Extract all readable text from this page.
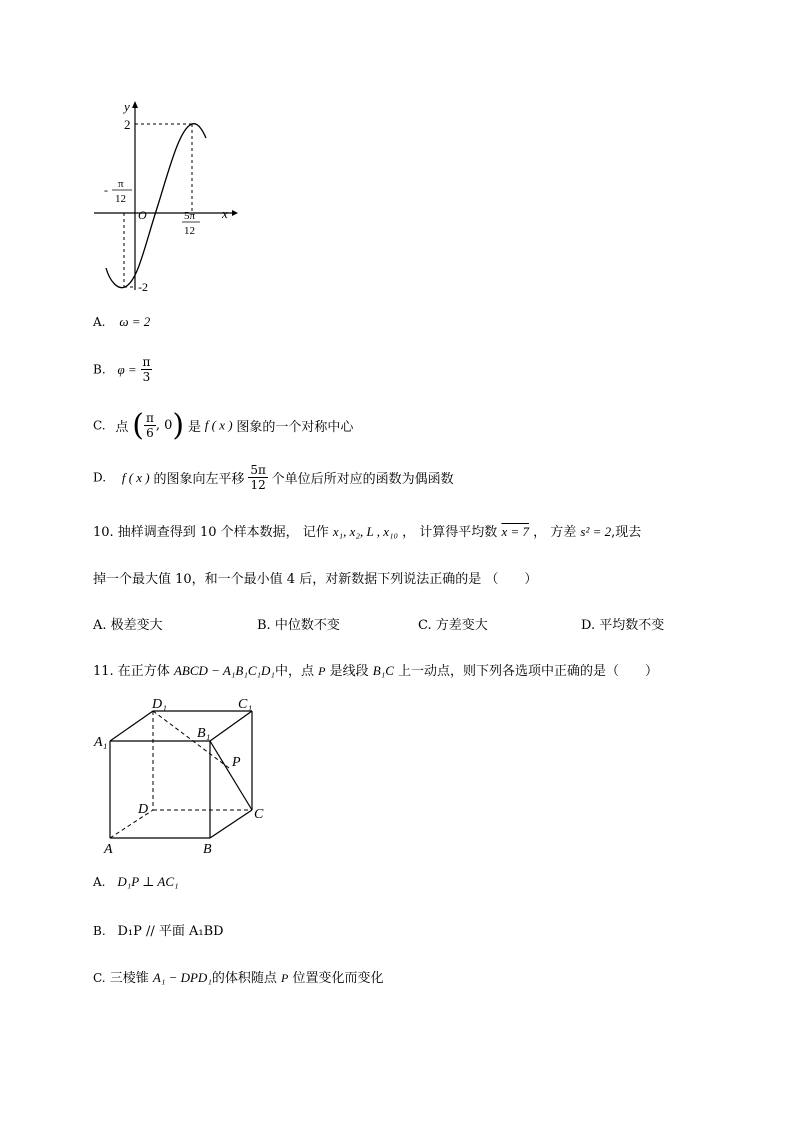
y
x
O
2
-2
- π
12
5π
12
A. ω = 2
B. $\varphi = \frac{\pi}{3}$
C. 点 ( $\frac{\pi}{6}$ , 0) 是 f ( x ) 图象的一个对称中心
D. f ( x ) 的图象向左平移 $\frac{5\pi}{12}$ 个单位后所对应的函数为偶函数
10. 抽样调查得到 10 个样本数据， 记作 x₁, x₂, L , x₁₀ ， 计算得平均数 x = 7 ， 方差 s² = 2,现去
掉一个最大值 10，和一个最小值 4 后，对新数据下列说法正确的是 （　　）
A. 极差变大	B. 中位数不变	C. 方差变大	D. 平均数不变
11. 在正方体 ABCD − A₁B₁C₁D₁中，点 P 是线段 B₁C 上一动点，则下列各选项中正确的是（　　）
D₁	C₁
A₁
B₁
P
D	C
A	B
A. D₁P ⊥ AC₁
B. D₁P // 平面 A₁BD
C. 三棱锥 A₁ − DPD₁的体积随点 P 位置变化而变化
